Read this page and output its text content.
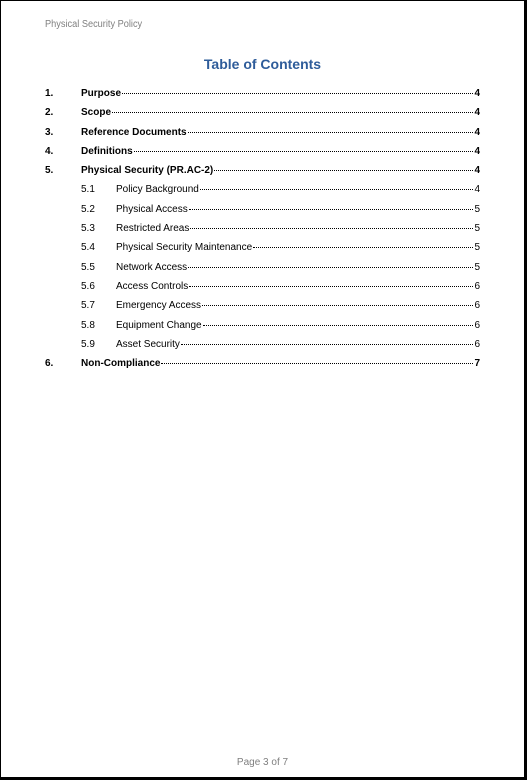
Physical Security Policy
Table of Contents
1.	Purpose	4
2.	Scope	4
3.	Reference Documents	4
4.	Definitions	4
5.	Physical Security (PR.AC-2)	4
5.1 Policy Background	4
5.2 Physical Access	5
5.3 Restricted Areas	5
5.4 Physical Security Maintenance	5
5.5 Network Access	5
5.6 Access Controls	6
5.7 Emergency Access	6
5.8 Equipment Change	6
5.9 Asset Security	6
6.	Non-Compliance	7
Page 3 of 7
